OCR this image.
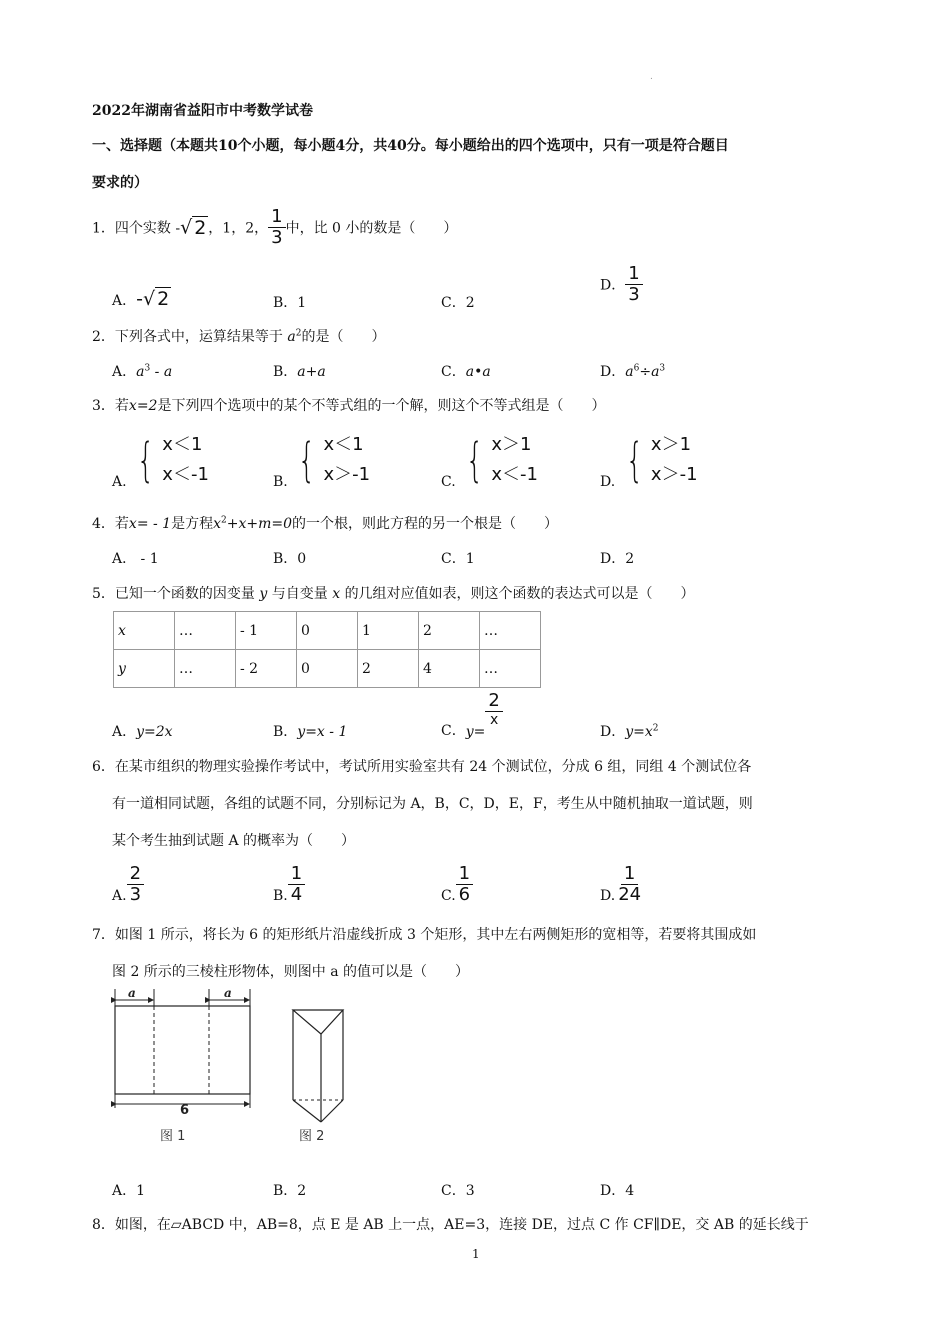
.
2022年湖南省益阳市中考数学试卷
一、选择题（本题共10个小题，每小题4分，共40分。每小题给出的四个选项中，只有一项是符合题目
要求的）
1．四个实数 -√ 2 ，1，2， $\frac{1}{3}$ 中，比 0 小的数是（　　）
A．-√ 2	B．1	C．2
D． $\frac{1}{3}$
2．下列各式中，运算结果等于 $a^2$的是（　　）
A．$a^3$ - a	B．a+a	C．a•a	D．$a^6\div a^3$
3．若x=2是下列四个选项中的某个不等式组的一个解，则这个不等式组是（　　）
A. { x＜1
x＜-1	B. { x＜1
x＞-1	C. { x＞1
x＜-1	D. { x＞1
x＞-1
4．若x= - 1是方程$x^2+x+m=0$的一个根，则此方程的另一个根是（　　）
A． - 1	B．0	C．1	D．2
5．已知一个函数的因变量 y 与自变量 x 的几组对应值如表，则这个函数的表达式可以是（　　）
x	…	- 1	0	1	2	…
y	…	- 2	0	2	4	…
A．y=2x	B．y=x - 1	C．y=
$\frac{2}{x}$
D．$y=x^2$
6．在某市组织的物理实验操作考试中，考试所用实验室共有 24 个测试位，分成 6 组，同组 4 个测试位各
有一道相同试题，各组的试题不同，分别标记为 A，B，C，D，E，F，考生从中随机抽取一道试题，则
某个考生抽到试题 A 的概率为（　　）
A. $\frac{2}{3}$	B. $\frac{1}{4}$	C. $\frac{1}{6}$	D. $\frac{1}{24}$
7．如图 1 所示，将长为 6 的矩形纸片沿虚线折成 3 个矩形，其中左右两侧矩形的宽相等，若要将其围成如
图 2 所示的三棱柱形物体，则图中 a 的值可以是（　　）
a	a
6
图 1	图 2
A．1	B．2	C．3	D．4
8．如图，在▱ABCD 中，AB=8，点 E 是 AB 上一点，AE=3，连接 DE，过点 C 作 CF∥DE，交 AB 的延长线于
1
